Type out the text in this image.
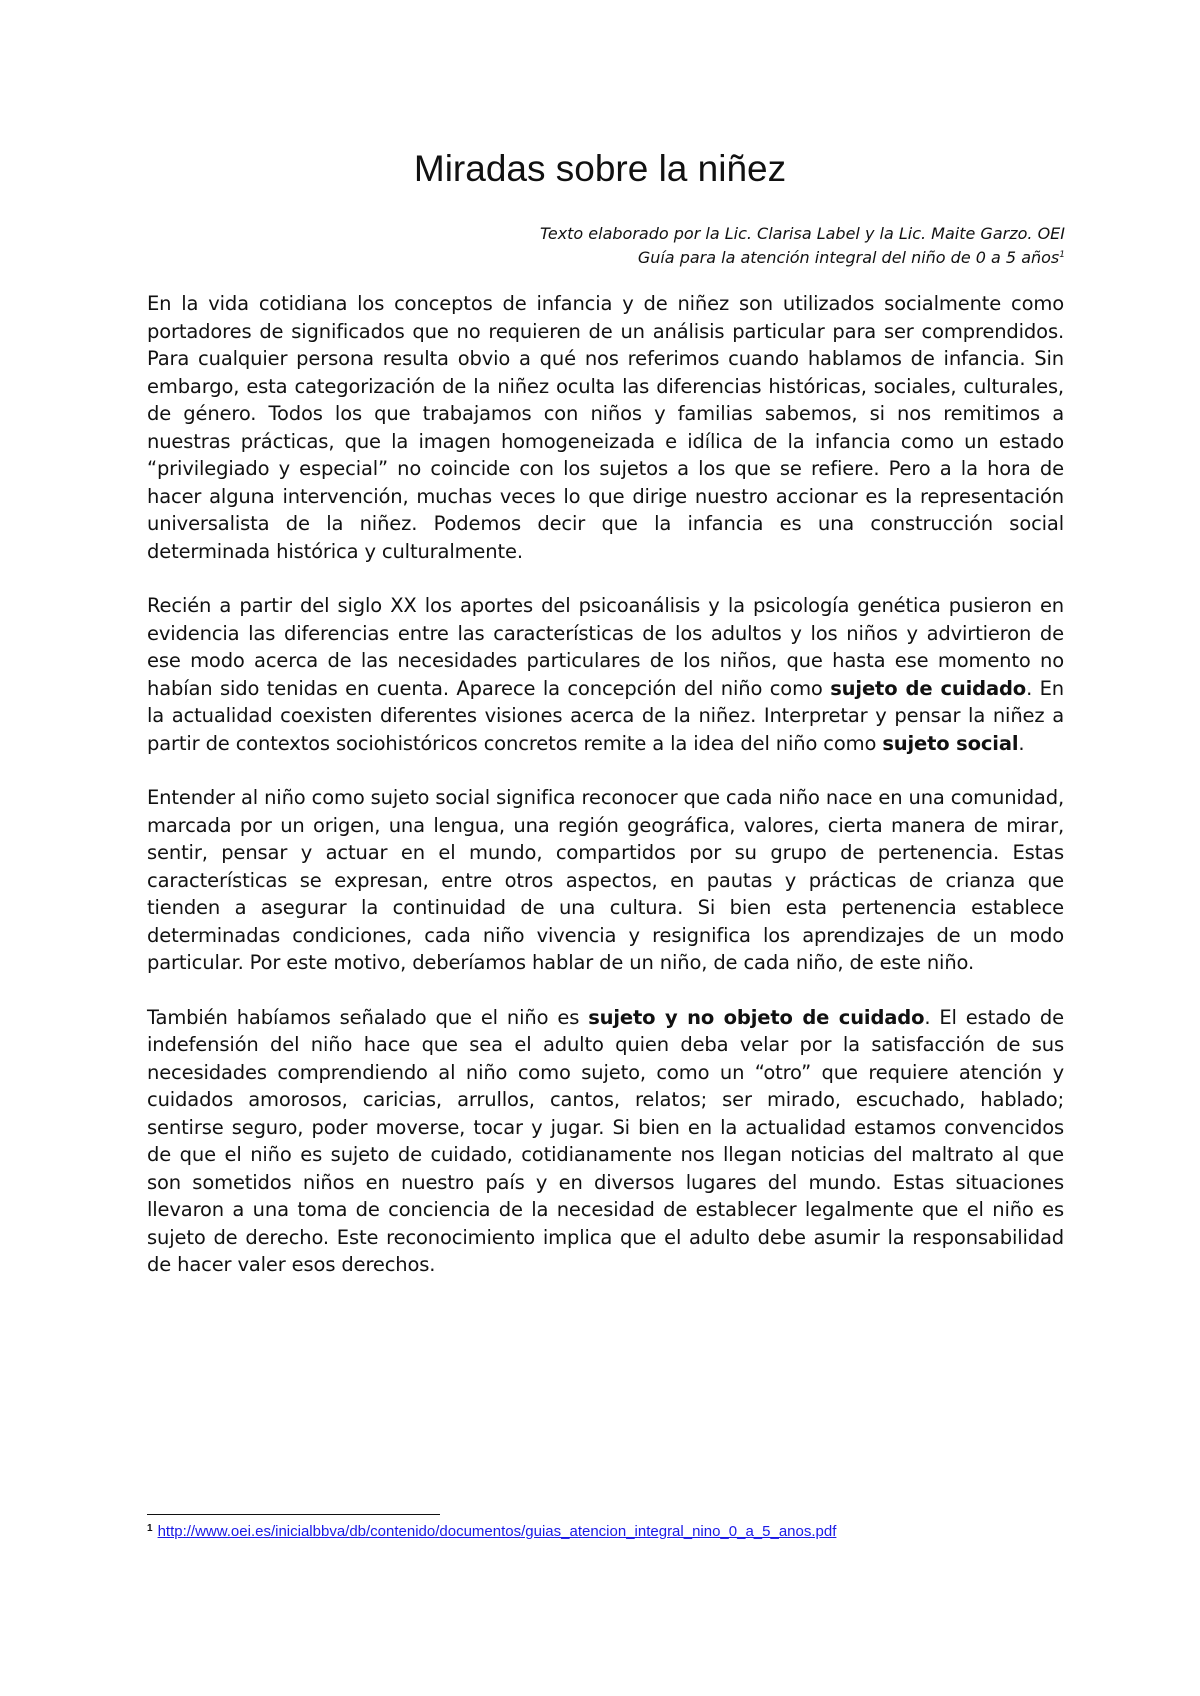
Miradas sobre la niñez
Texto elaborado por la Lic. Clarisa Label y la Lic. Maite Garzo. OEI
Guía para la atención integral del niño de 0 a 5 años$^1$

En la vida cotidiana los conceptos de infancia y de niñez son utilizados socialmente como portadores de significados que no requieren de un análisis particular para ser comprendidos. Para cualquier persona resulta obvio a qué nos referimos cuando hablamos de infancia. Sin embargo, esta categorización de la niñez oculta las diferencias históricas, sociales, culturales, de género. Todos los que trabajamos con niños y familias sabemos, si nos remitimos a nuestras prácticas, que la imagen homogeneizada e idílica de la infancia como un estado “privilegiado y especial” no coincide con los sujetos a los que se refiere. Pero a la hora de hacer alguna intervención, muchas veces lo que dirige nuestro accionar es la representación universalista de la niñez. Podemos decir que la infancia es una construcción social determinada histórica y culturalmente.

Recién a partir del siglo XX los aportes del psicoanálisis y la psicología genética pusieron en evidencia las diferencias entre las características de los adultos y los niños y advirtieron de ese modo acerca de las necesidades particulares de los niños, que hasta ese momento no habían sido tenidas en cuenta. Aparece la concepción del niño como sujeto de cuidado. En la actualidad coexisten diferentes visiones acerca de la niñez. Interpretar y pensar la niñez a partir de contextos sociohistóricos concretos remite a la idea del niño como sujeto social.

Entender al niño como sujeto social significa reconocer que cada niño nace en una comunidad, marcada por un origen, una lengua, una región geográfica, valores, cierta manera de mirar, sentir, pensar y actuar en el mundo, compartidos por su grupo de pertenencia. Estas características se expresan, entre otros aspectos, en pautas y prácticas de crianza que tienden a asegurar la continuidad de una cultura. Si bien esta pertenencia establece determinadas condiciones, cada niño vivencia y resignifica los aprendizajes de un modo particular. Por este motivo, deberíamos hablar de un niño, de cada niño, de este niño.

También habíamos señalado que el niño es sujeto y no objeto de cuidado. El estado de indefensión del niño hace que sea el adulto quien deba velar por la satisfacción de sus necesidades comprendiendo al niño como sujeto, como un “otro” que requiere atención y cuidados amorosos, caricias, arrullos, cantos, relatos; ser mirado, escuchado, hablado; sentirse seguro, poder moverse, tocar y jugar. Si bien en la actualidad estamos convencidos de que el niño es sujeto de cuidado, cotidianamente nos llegan noticias del maltrato al que son sometidos niños en nuestro país y en diversos lugares del mundo. Estas situaciones llevaron a una toma de conciencia de la necesidad de establecer legalmente que el niño es sujeto de derecho. Este reconocimiento implica que el adulto debe asumir la responsabilidad de hacer valer esos derechos.

$^1$ http://www.oei.es/inicialbbva/db/contenido/documentos/guias_atencion_integral_nino_0_a_5_anos.pdf
